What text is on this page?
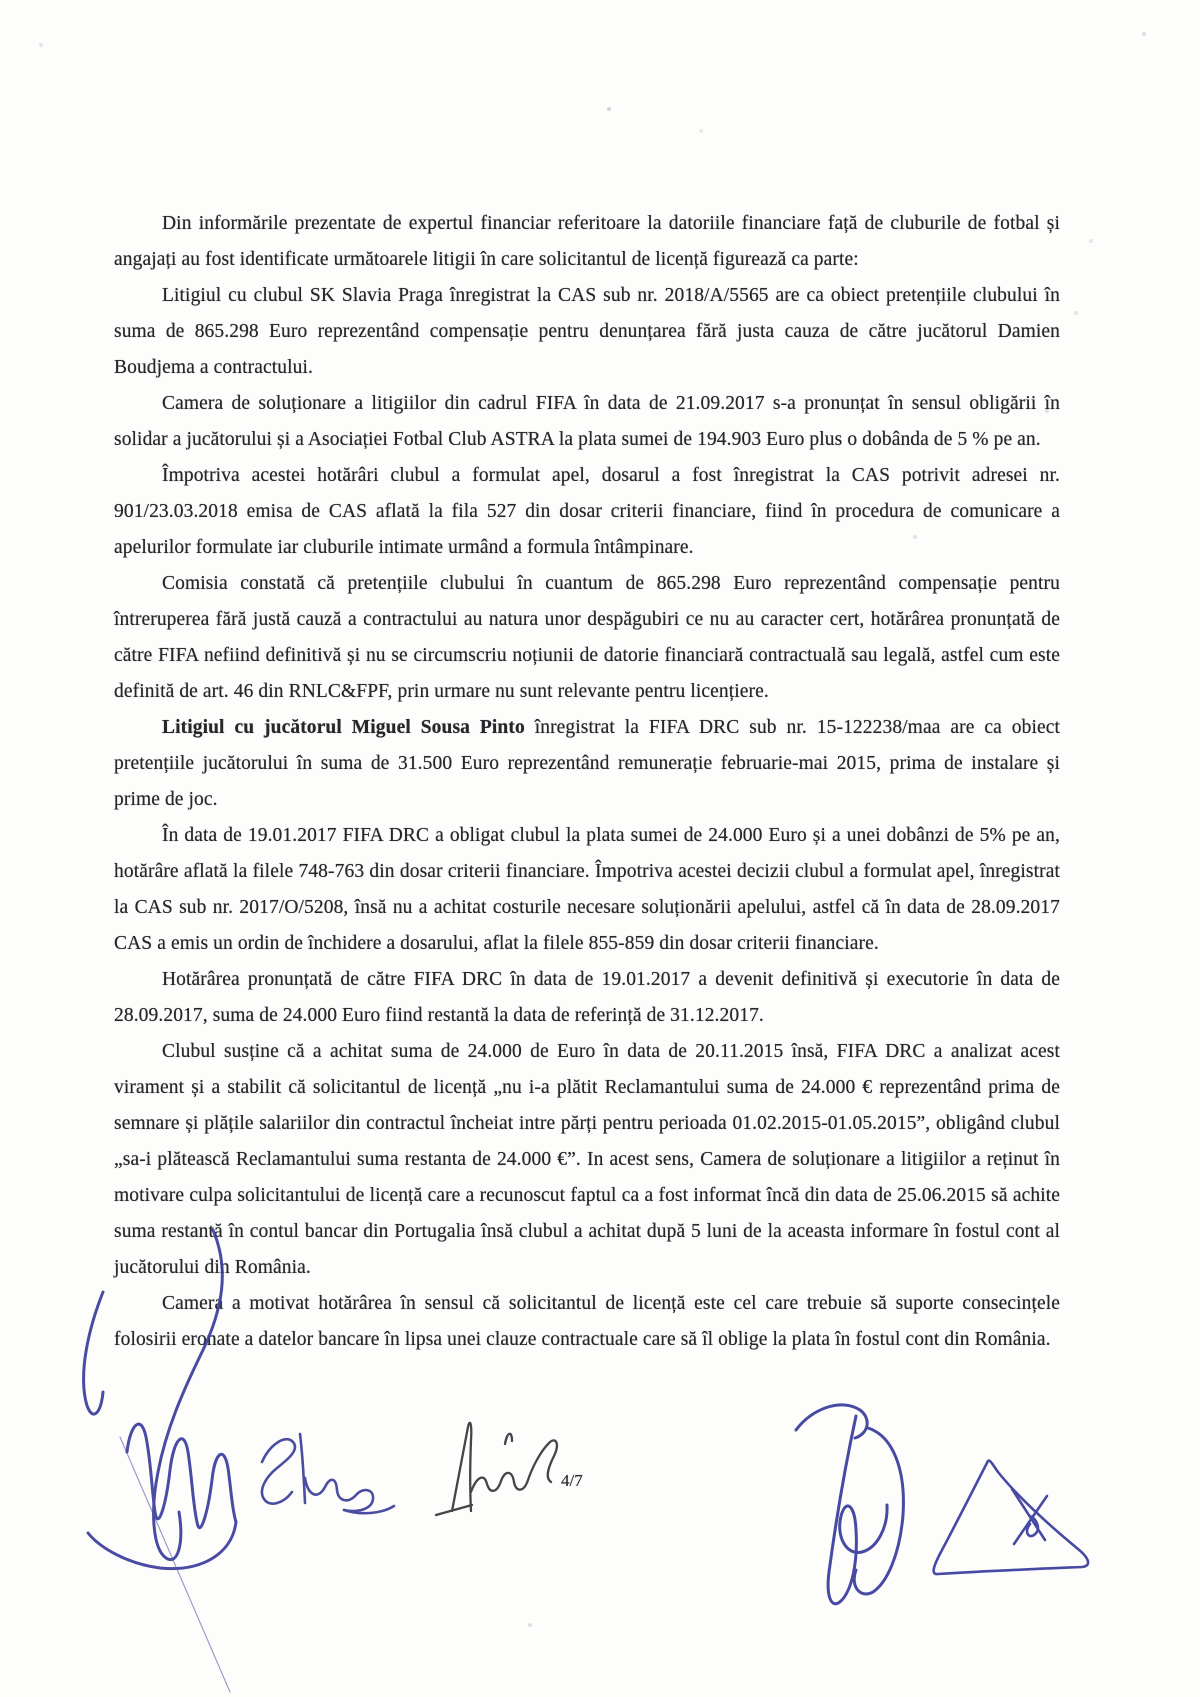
Din informările prezentate de expertul financiar referitoare la datoriile financiare față de cluburile de fotbal și angajați au fost identificate următoarele litigii în care solicitantul de licență figurează ca parte:

Litigiul cu clubul SK Slavia Praga înregistrat la CAS sub nr. 2018/A/5565 are ca obiect pretențiile clubului în suma de 865.298 Euro reprezentând compensație pentru denunțarea fără justa cauza de către jucătorul Damien Boudjema a contractului.

Camera de soluționare a litigiilor din cadrul FIFA în data de 21.09.2017 s-a pronunțat în sensul obligării în solidar a jucătorului și a Asociației Fotbal Club ASTRA la plata sumei de 194.903 Euro plus o dobânda de 5 % pe an.

Împotriva acestei hotărâri clubul a formulat apel, dosarul a fost înregistrat la CAS potrivit adresei nr. 901/23.03.2018 emisa de CAS aflată la fila 527 din dosar criterii financiare, fiind în procedura de comunicare a apelurilor formulate iar cluburile intimate urmând a formula întâmpinare.

Comisia constată că pretențiile clubului în cuantum de 865.298 Euro reprezentând compensație pentru întreruperea fără justă cauză a contractului au natura unor despăgubiri ce nu au caracter cert, hotărârea pronunțată de către FIFA nefiind definitivă și nu se circumscriu noțiunii de datorie financiară contractuală sau legală, astfel cum este definită de art. 46 din RNLC&FPF, prin urmare nu sunt relevante pentru licențiere.

Litigiul cu jucătorul Miguel Sousa Pinto înregistrat la FIFA DRC sub nr. 15-122238/maa are ca obiect pretențiile jucătorului în suma de 31.500 Euro reprezentând remunerație februarie-mai 2015, prima de instalare și prime de joc.

În data de 19.01.2017 FIFA DRC a obligat clubul la plata sumei de 24.000 Euro și a unei dobânzi de 5% pe an, hotărâre aflată la filele 748-763 din dosar criterii financiare. Împotriva acestei decizii clubul a formulat apel, înregistrat la CAS sub nr. 2017/O/5208, însă nu a achitat costurile necesare soluționării apelului, astfel că în data de 28.09.2017 CAS a emis un ordin de închidere a dosarului, aflat la filele 855-859 din dosar criterii financiare.

Hotărârea pronunțată de către FIFA DRC în data de 19.01.2017 a devenit definitivă și executorie în data de 28.09.2017, suma de 24.000 Euro fiind restantă la data de referință de 31.12.2017.

Clubul susține că a achitat suma de 24.000 de Euro în data de 20.11.2015 însă, FIFA DRC a analizat acest virament și a stabilit că solicitantul de licență „nu i-a plătit Reclamantului suma de 24.000 € reprezentând prima de semnare și plățile salariilor din contractul încheiat intre părți pentru perioada 01.02.2015-01.05.2015”, obligând clubul „sa-i plătească Reclamantului suma restanta de 24.000 €”. In acest sens, Camera de soluționare a litigiilor a reținut în motivare culpa solicitantului de licență care a recunoscut faptul ca a fost informat încă din data de 25.06.2015 să achite suma restantă în contul bancar din Portugalia însă clubul a achitat după 5 luni de la aceasta informare în fostul cont al jucătorului din România.

Camera a motivat hotărârea în sensul că solicitantul de licență este cel care trebuie să suporte consecințele folosirii eronate a datelor bancare în lipsa unei clauze contractuale care să îl oblige la plata în fostul cont din România.

4/7
